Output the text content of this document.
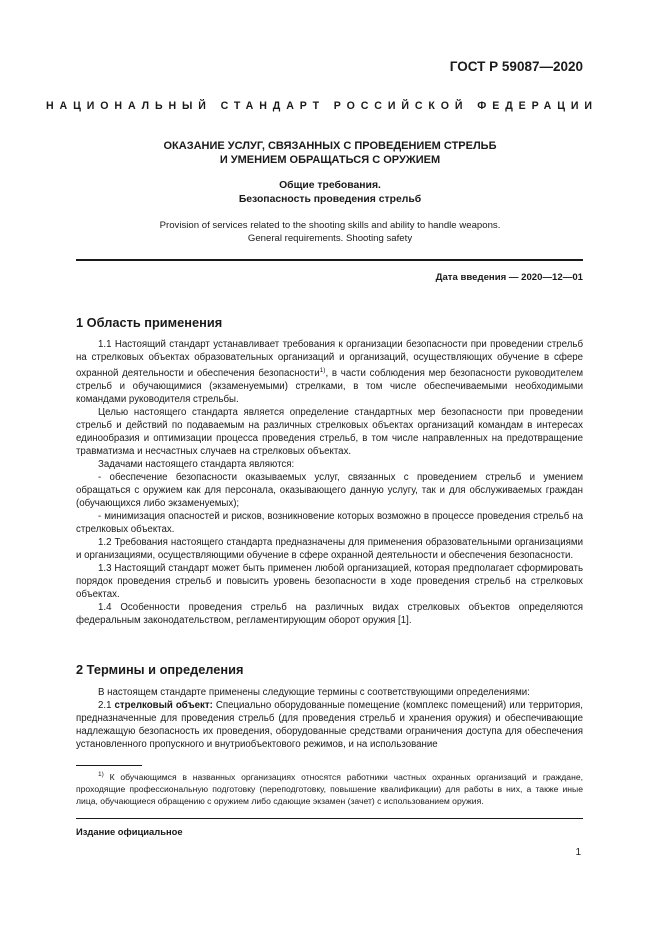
ГОСТ Р 59087—2020
НАЦИОНАЛЬНЫЙ СТАНДАРТ РОССИЙСКОЙ ФЕДЕРАЦИИ
ОКАЗАНИЕ УСЛУГ, СВЯЗАННЫХ С ПРОВЕДЕНИЕМ СТРЕЛЬБ
И УМЕНИЕМ ОБРАЩАТЬСЯ С ОРУЖИЕМ
Общие требования.
Безопасность проведения стрельб
Provision of services related to the shooting skills and ability to handle weapons.
General requirements. Shooting safety
Дата введения — 2020—12—01
1 Область применения

1.1 Настоящий стандарт устанавливает требования к организации безопасности при проведении стрельб на стрелковых объектах образовательных организаций и организаций, осуществляющих обучение в сфере охранной деятельности и обеспечения безопасности$^{1)}$, в части соблюдения мер безопасности руководителем стрельб и обучающимися (экзаменуемыми) стрелками, в том числе обеспечиваемыми необходимыми командами руководителя стрельбы.

Целью настоящего стандарта является определение стандартных мер безопасности при проведении стрельб и действий по подаваемым на различных стрелковых объектах организаций командам в интересах единообразия и оптимизации процесса проведения стрельб, в том числе направленных на предотвращение травматизма и несчастных случаев на стрелковых объектах.

Задачами настоящего стандарта являются:

- обеспечение безопасности оказываемых услуг, связанных с проведением стрельб и умением обращаться с оружием как для персонала, оказывающего данную услугу, так и для обслуживаемых граждан (обучающихся либо экзаменуемых);

- минимизация опасностей и рисков, возникновение которых возможно в процессе проведения стрельб на стрелковых объектах.

1.2 Требования настоящего стандарта предназначены для применения образовательными организациями и организациями, осуществляющими обучение в сфере охранной деятельности и обеспечения безопасности.

1.3 Настоящий стандарт может быть применен любой организацией, которая предполагает сформировать порядок проведения стрельб и повысить уровень безопасности в ходе проведения стрельб на стрелковых объектах.

1.4 Особенности проведения стрельб на различных видах стрелковых объектов определяются федеральным законодательством, регламентирующим оборот оружия [1].

2 Термины и определения

В настоящем стандарте применены следующие термины с соответствующими определениями:

2.1 стрелковый объект: Специально оборудованные помещение (комплекс помещений) или территория, предназначенные для проведения стрельб (для проведения стрельб и хранения оружия) и обеспечивающие надлежащую безопасность их проведения, оборудованные средствами ограничения доступа для обеспечения установленного пропускного и внутриобъектового режимов, и на использование

$^{1)}$ К обучающимся в названных организациях относятся работники частных охранных организаций и граждане, проходящие профессиональную подготовку (переподготовку, повышение квалификации) для работы в них, а также иные лица, обучающиеся обращению с оружием либо сдающие экзамен (зачет) с использованием оружия.
Издание официальное
1
